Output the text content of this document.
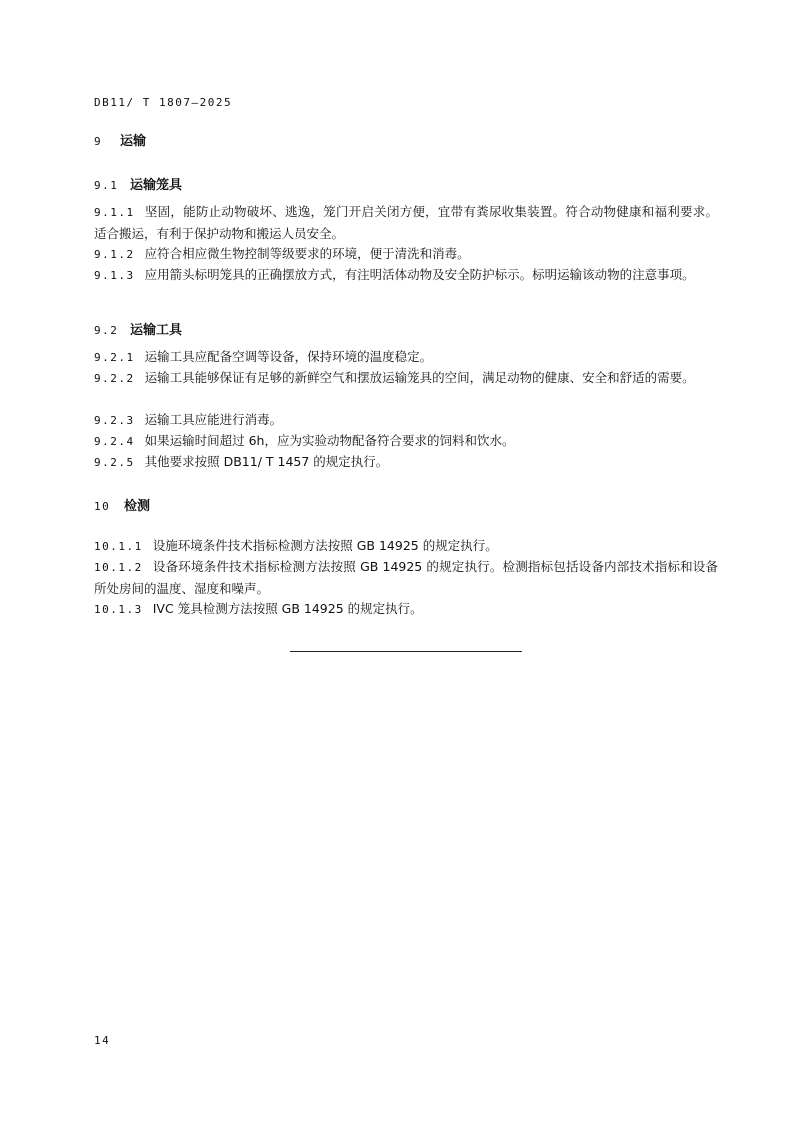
DB11/ T 1807—2025
9 运输
9.1 运输笼具
9.1.1 坚固，能防止动物破坏、逃逸，笼门开启关闭方便，宜带有粪尿收集装置。符合动物健康和福利要求。适合搬运，有利于保护动物和搬运人员安全。
9.1.2 应符合相应微生物控制等级要求的环境，便于清洗和消毒。
9.1.3 应用箭头标明笼具的正确摆放方式，有注明活体动物及安全防护标示。标明运输该动物的注意事项。
9.2 运输工具
9.2.1 运输工具应配备空调等设备，保持环境的温度稳定。
9.2.2 运输工具能够保证有足够的新鲜空气和摆放运输笼具的空间，满足动物的健康、安全和舒适的需要。
9.2.3 运输工具应能进行消毒。
9.2.4 如果运输时间超过 6h，应为实验动物配备符合要求的饲料和饮水。
9.2.5 其他要求按照 DB11/ T 1457 的规定执行。
10 检测
10.1.1 设施环境条件技术指标检测方法按照 GB 14925 的规定执行。
10.1.2 设备环境条件技术指标检测方法按照 GB 14925 的规定执行。检测指标包括设备内部技术指标和设备所处房间的温度、湿度和噪声。
10.1.3 IVC 笼具检测方法按照 GB 14925 的规定执行。
14
